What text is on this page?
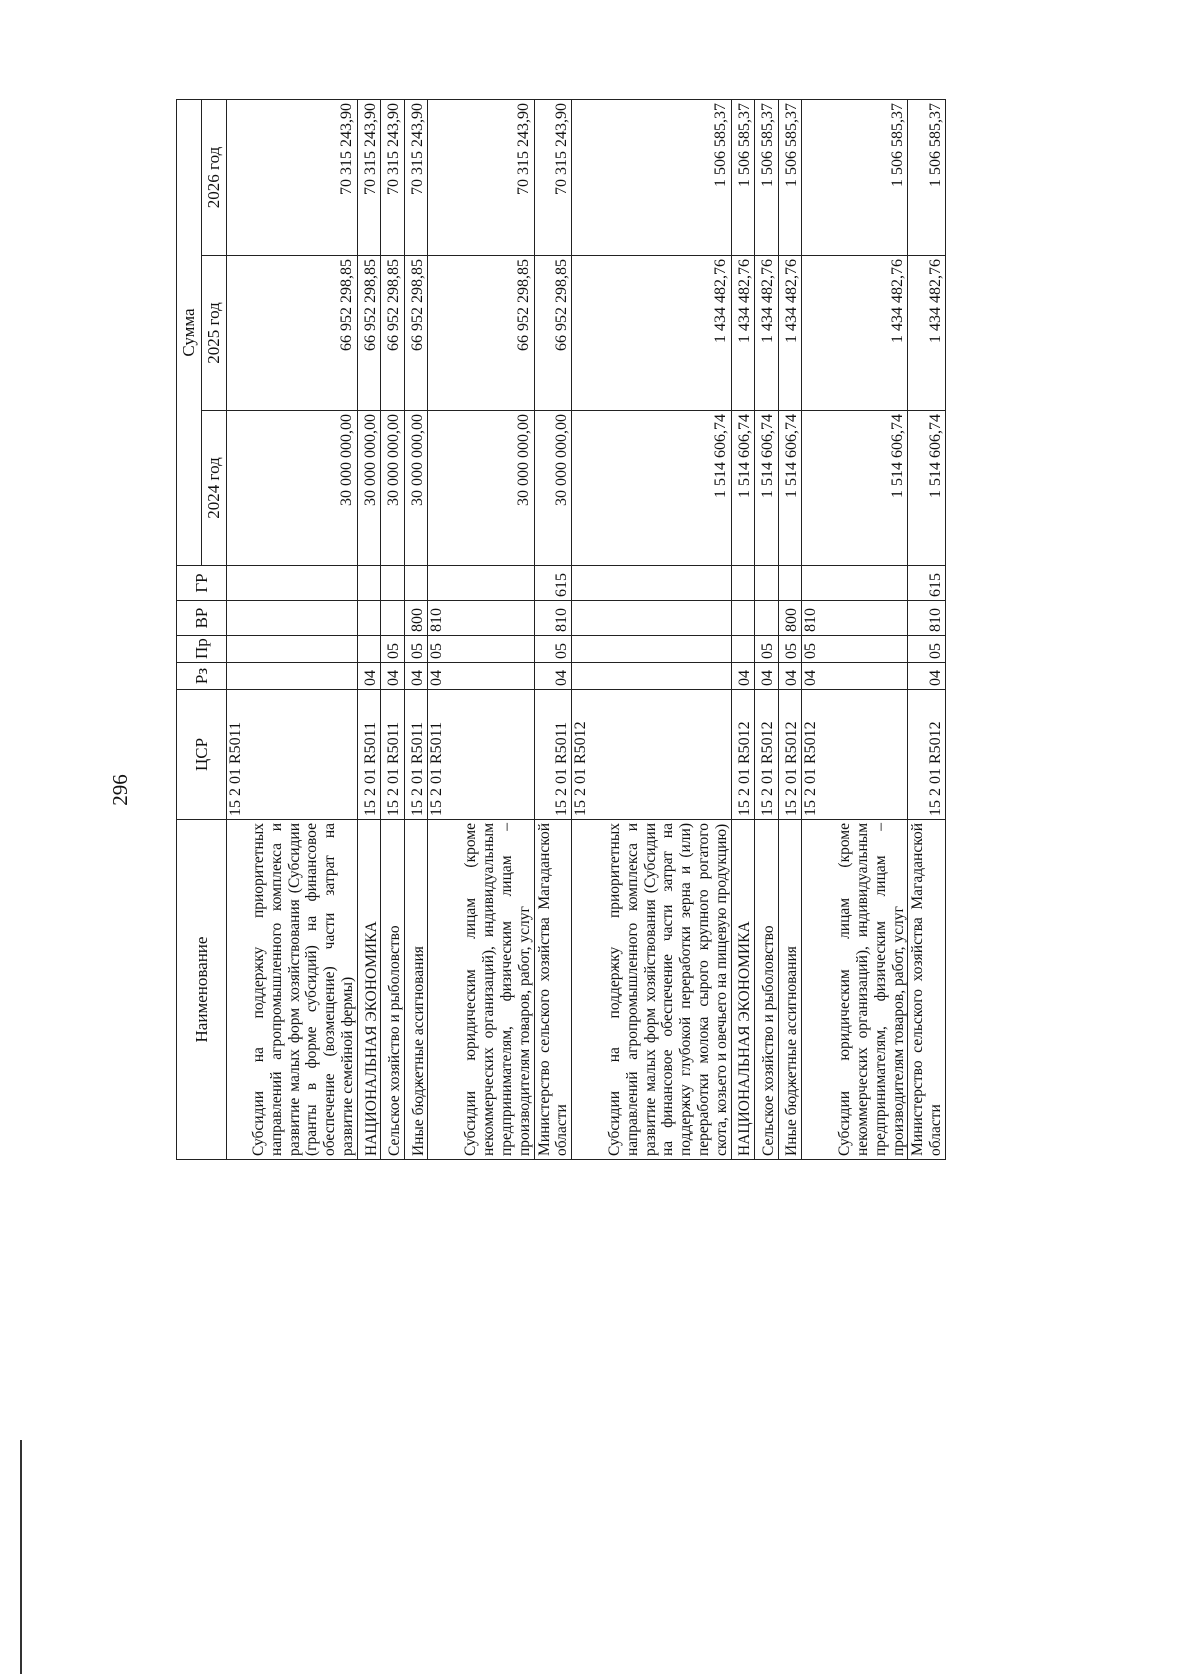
296
Наименование	ЦСР	Рз	Пр	ВР	ГР	Сумма		
						2024 год	2025 год	2026 год
Субсидии на поддержку приоритетных направлений агропромышленного комплекса и развитие малых форм хозяйствования (Субсидии (гранты в форме субсидий) на финансовое обеспечение (возмещение) части затрат на развитие семейной фермы)	15 2 01 R5011					30 000 000,00	66 952 298,85	70 315 243,90
НАЦИОНАЛЬНАЯ ЭКОНОМИКА	15 2 01 R5011	04				30 000 000,00	66 952 298,85	70 315 243,90
Сельское хозяйство и рыболовство	15 2 01 R5011	04	05			30 000 000,00	66 952 298,85	70 315 243,90
Иные бюджетные ассигнования	15 2 01 R5011	04	05	800		30 000 000,00	66 952 298,85	70 315 243,90
Субсидии юридическим лицам (кроме некоммерческих организаций), индивидуальным предпринимателям, физическим лицам – производителям товаров, работ, услуг	15 2 01 R5011	04	05	810		30 000 000,00	66 952 298,85	70 315 243,90
Министерство сельского хозяйства Магаданской области	15 2 01 R5011	04	05	810	615	30 000 000,00	66 952 298,85	70 315 243,90
Субсидии на поддержку приоритетных направлений агропромышленного комплекса и развитие малых форм хозяйствования (Субсидии на финансовое обеспечение части затрат на поддержку глубокой переработки зерна и (или) переработки молока сырого крупного рогатого скота, козьего и овечьего на пищевую продукцию)	15 2 01 R5012					1 514 606,74	1 434 482,76	1 506 585,37
НАЦИОНАЛЬНАЯ ЭКОНОМИКА	15 2 01 R5012	04				1 514 606,74	1 434 482,76	1 506 585,37
Сельское хозяйство и рыболовство	15 2 01 R5012	04	05			1 514 606,74	1 434 482,76	1 506 585,37
Иные бюджетные ассигнования	15 2 01 R5012	04	05	800		1 514 606,74	1 434 482,76	1 506 585,37
Субсидии юридическим лицам (кроме некоммерческих организаций), индивидуальным предпринимателям, физическим лицам – производителям товаров, работ, услуг	15 2 01 R5012	04	05	810		1 514 606,74	1 434 482,76	1 506 585,37
Министерство сельского хозяйства Магаданской области	15 2 01 R5012	04	05	810	615	1 514 606,74	1 434 482,76	1 506 585,37
